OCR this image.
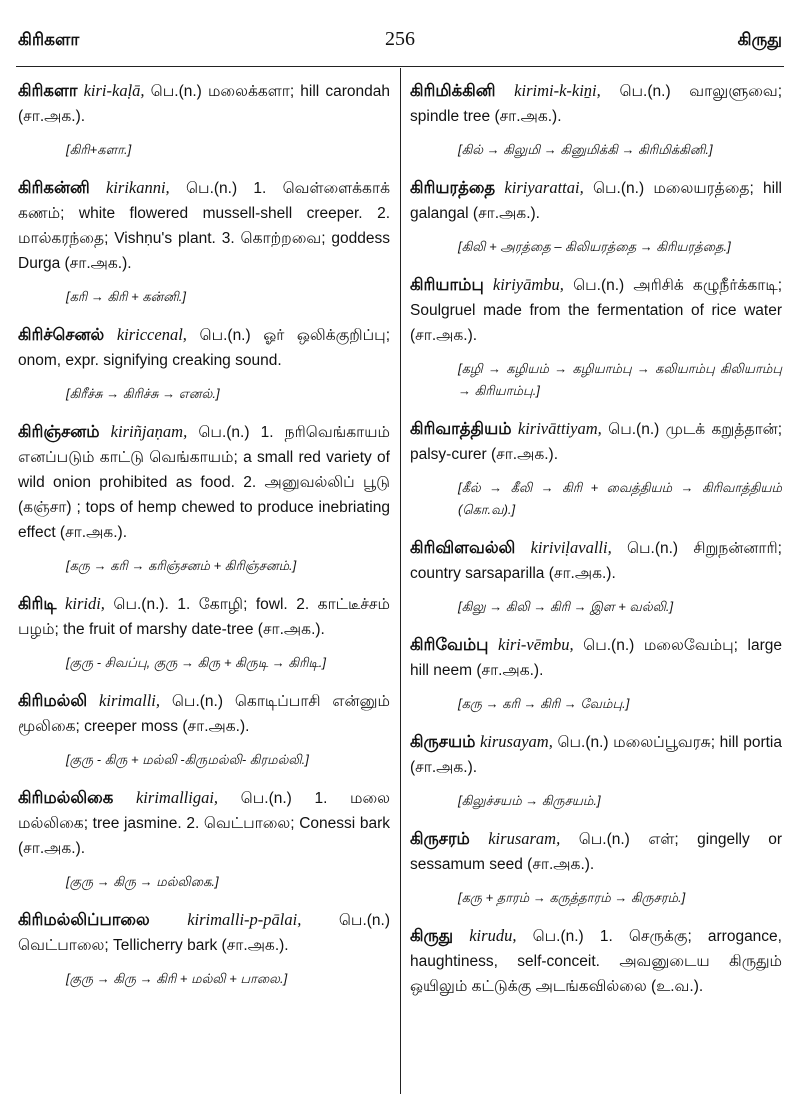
கிரிகளா	256	கிருது
கிரிகளா kiri-kaḷā, பெ.(n.) மலைக்களா; hill carondah (சா.அக.).
[கிரி+களா.]
கிரிகன்னி kirikanni, பெ.(n.) 1. வெள்ளைக்காக் கணம்; white flowered mussell-shell creeper. 2. மால்கரந்தை; Vishṇu's plant. 3. கொற்றவை; goddess Durga (சா.அக.).
[கரி → கிரி + கன்னி.]
கிரிச்செனல் kiriccenal, பெ.(n.) ஓர் ஒலிக்குறிப்பு; onom, expr. signifying creaking sound.
[கிரீச்சு → கிரிச்சு → எனல்.]
கிரிஞ்சனம் kiriñjaṇam, பெ.(n.) 1. நரிவெங்காயம் எனப்படும் காட்டு வெங்காயம்; a small red variety of wild onion prohibited as food. 2. அனுவல்லிப் பூடு (கஞ்சா) ; tops of hemp chewed to produce inebriating effect (சா.அக.).
[கரு → கரி → கரிஞ்சனம் + கிரிஞ்சனம்.]
கிரிடி kiridi, பெ.(n.). 1. கோழி; fowl. 2. காட்டீச்சம் பழம்; the fruit of marshy date-tree (சா.அக.).
[குரு - சிவப்பு, குரு → கிரு + கிருடி → கிரிடி.]
கிரிமல்லி kirimalli, பெ.(n.) கொடிப்பாசி என்னும் மூலிகை; creeper moss (சா.அக.).
[குரு - கிரு + மல்லி -கிருமல்லி- கிரமல்லி.]
கிரிமல்லிகை kirimalligai, பெ.(n.) 1. மலை மல்லிகை; tree jasmine. 2. வெட்பாலை; Conessi bark (சா.அக.).
[குரு → கிரு → மல்லிகை.]
கிரிமல்லிப்பாலை kirimalli-p-pālai, பெ.(n.) வெட்பாலை; Tellicherry bark (சா.அக.).
[குரு → கிரு → கிரி + மல்லி + பாலை.]
கிரிமிக்கினி kirimi-k-kiṉi, பெ.(n.) வாலுளுவை; spindle tree (சா.அக.).
[கில் → கிலுமி → கினுமிக்கி → கிரிமிக்கினி.]
கிரியரத்தை kiriyarattai, பெ.(n.) மலையரத்தை; hill galangal (சா.அக.).
[கிலி + அரத்தை – கிலியரத்தை → கிரியரத்தை.]
கிரியாம்பு kiriyāmbu, பெ.(n.) அரிசிக் கழுநீர்க்காடி; Soulgruel made from the fermentation of rice water (சா.அக.).
[கழி → கழியம் → கழியாம்பு → கலியாம்பு கிலியாம்பு → கிரியாம்பு.]
கிரிவாத்தியம் kirivāttiyam, பெ.(n.) முடக் கறுத்தான்; palsy-curer (சா.அக.).
[கீல் → கீலி → கிரி + வைத்தியம் → கிரிவாத்தியம் (கொ.வ).]
கிரிவிளவல்லி kiriviḷavalli, பெ.(n.) சிறுநன்னாரி; country sarsaparilla (சா.அக.).
[கிலு → கிலி → கிரி → இள + வல்லி.]
கிரிவேம்பு kiri-vēmbu, பெ.(n.) மலைவேம்பு; large hill neem (சா.அக.).
[கரு → கரி → கிரி → வேம்பு.]
கிருசயம் kirusayam, பெ.(n.) மலைப்பூவரசு; hill portia (சா.அக.).
[கிலுச்சயம் → கிருசயம்.]
கிருசரம் kirusaram, பெ.(n.) எள்; gingelly or sessamum seed (சா.அக.).
[கரு + தாரம் → கருத்தாரம் → கிருசரம்.]
கிருது kirudu, பெ.(n.) 1. செருக்கு; arrogance, haughtiness, self-conceit. அவனுடைய கிருதும் ஒயிலும் கட்டுக்கு அடங்கவில்லை (உ.வ.).
